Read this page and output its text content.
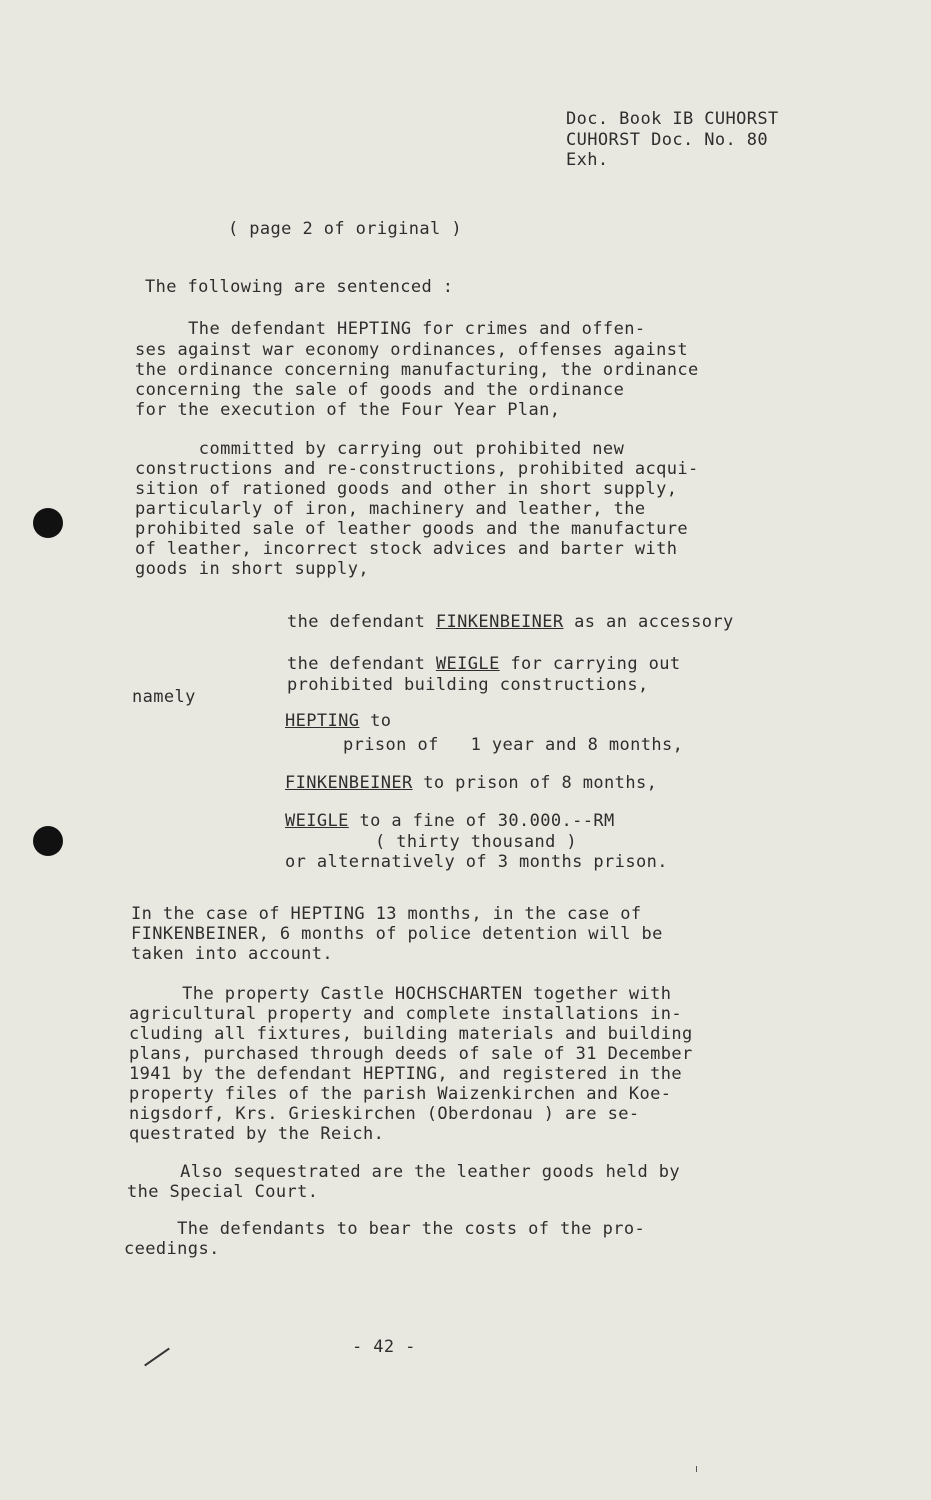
Doc. Book IB CUHORST
CUHORST Doc. No. 80
Exh.
( page 2 of original )
The following are sentenced :
The defendant HEPTING for crimes and offen-
ses against war economy ordinances, offenses against
the ordinance concerning manufacturing, the ordinance
concerning the sale of goods and the ordinance
for the execution of the Four Year Plan,
committed by carrying out prohibited new
constructions and re-constructions, prohibited acqui-
sition of rationed goods and other in short supply,
particularly of iron, machinery and leather, the
prohibited sale of leather goods and the manufacture
of leather, incorrect stock advices and barter with
goods in short supply,
the defendant FINKENBEINER as an accessory
the defendant WEIGLE for carrying out
prohibited building constructions,
namely
HEPTING to
prison of   1 year and 8 months,
FINKENBEINER to prison of 8 months,
WEIGLE to a fine of 30.000.--RM
( thirty thousand )
or alternatively of 3 months prison.
In the case of HEPTING 13 months, in the case of
FINKENBEINER, 6 months of police detention will be
taken into account.
The property Castle HOCHSCHARTEN together with
agricultural property and complete installations in-
cluding all fixtures, building materials and building
plans, purchased through deeds of sale of 31 December
1941 by the defendant HEPTING, and registered in the
property files of the parish Waizenkirchen and Koe-
nigsdorf, Krs. Grieskirchen (Oberdonau ) are se-
questrated by the Reich.
Also sequestrated are the leather goods held by
the Special Court.
The defendants to bear the costs of the pro-
ceedings.
- 42 -
